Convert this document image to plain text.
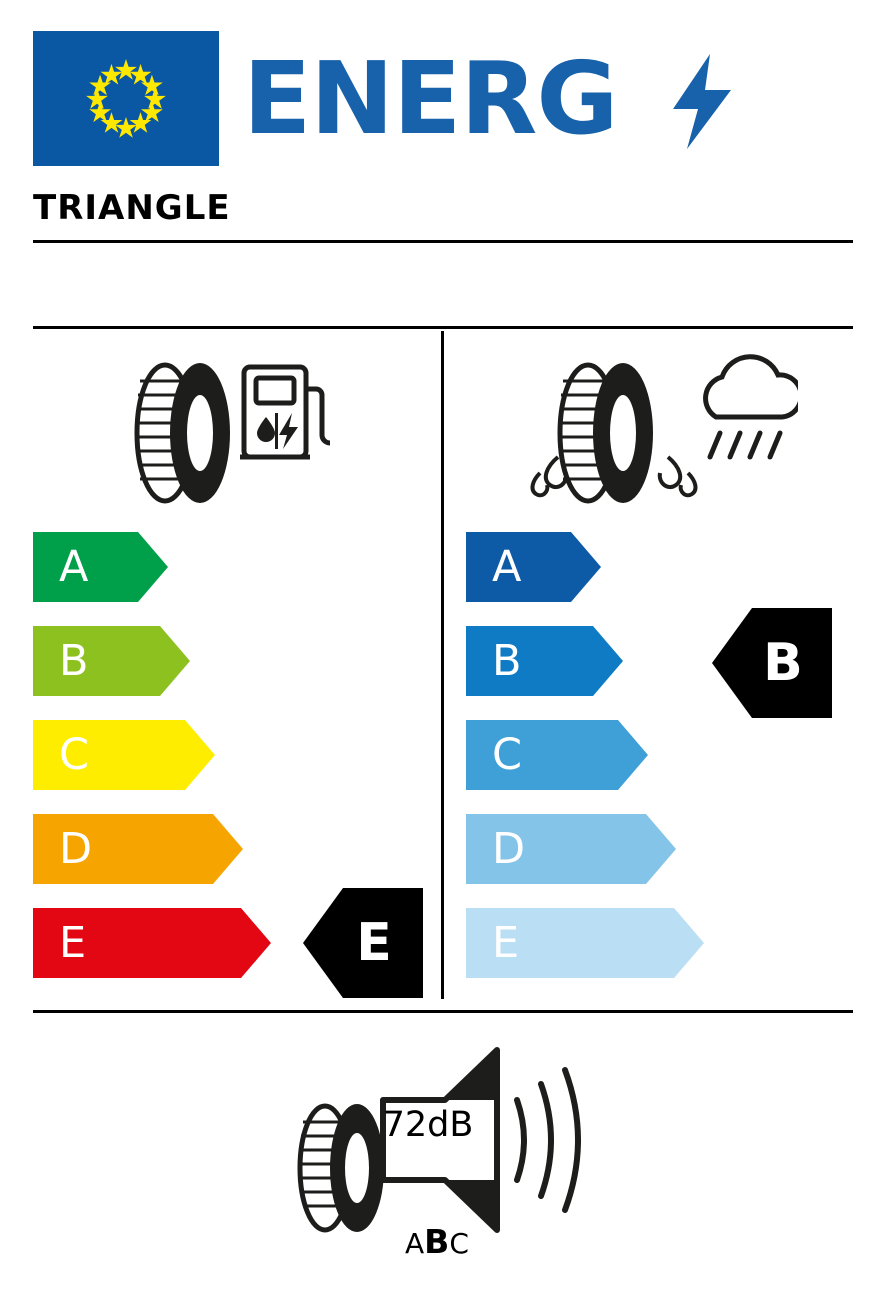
ENERG
TRIANGLE
A
B
C
D
E	E
A
B
C
D
E
B
72dB
ABC
